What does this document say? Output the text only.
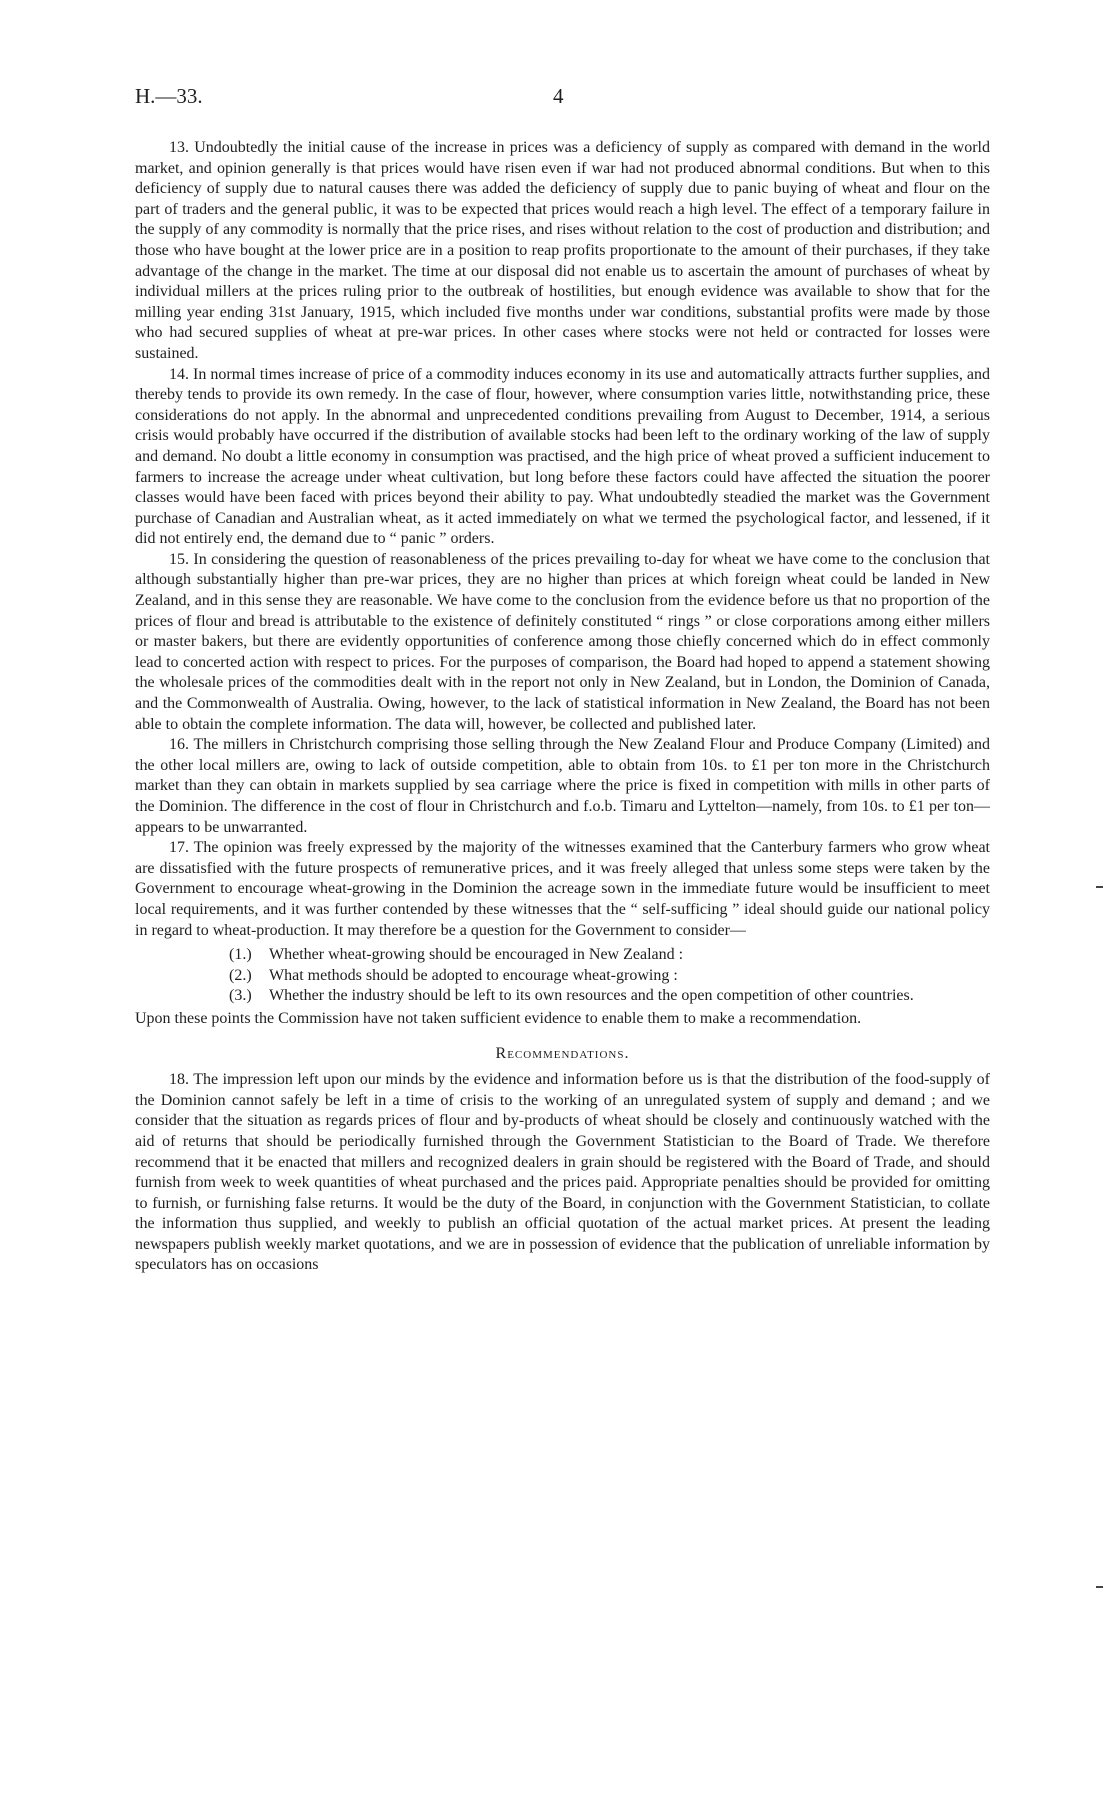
H.—33.	4

13. Undoubtedly the initial cause of the increase in prices was a deficiency of supply as compared with demand in the world market, and opinion generally is that prices would have risen even if war had not produced abnormal conditions. But when to this deficiency of supply due to natural causes there was added the deficiency of supply due to panic buying of wheat and flour on the part of traders and the general public, it was to be expected that prices would reach a high level. The effect of a temporary failure in the supply of any commodity is normally that the price rises, and rises without relation to the cost of production and distribution; and those who have bought at the lower price are in a position to reap profits proportionate to the amount of their purchases, if they take advantage of the change in the market. The time at our disposal did not enable us to ascertain the amount of purchases of wheat by individual millers at the prices ruling prior to the outbreak of hostilities, but enough evidence was available to show that for the milling year ending 31st January, 1915, which included five months under war conditions, substantial profits were made by those who had secured supplies of wheat at pre-war prices. In other cases where stocks were not held or contracted for losses were sustained.

14. In normal times increase of price of a commodity induces economy in its use and automatically attracts further supplies, and thereby tends to provide its own remedy. In the case of flour, however, where consumption varies little, notwithstanding price, these considerations do not apply. In the abnormal and unprecedented conditions prevailing from August to December, 1914, a serious crisis would probably have occurred if the distribution of available stocks had been left to the ordinary working of the law of supply and demand. No doubt a little economy in consumption was practised, and the high price of wheat proved a sufficient inducement to farmers to increase the acreage under wheat cultivation, but long before these factors could have affected the situation the poorer classes would have been faced with prices beyond their ability to pay. What undoubtedly steadied the market was the Government purchase of Canadian and Australian wheat, as it acted immediately on what we termed the psychological factor, and lessened, if it did not entirely end, the demand due to “ panic ” orders.

15. In considering the question of reasonableness of the prices prevailing to-day for wheat we have come to the conclusion that although substantially higher than pre-war prices, they are no higher than prices at which foreign wheat could be landed in New Zealand, and in this sense they are reasonable. We have come to the conclusion from the evidence before us that no proportion of the prices of flour and bread is attributable to the existence of definitely constituted “ rings ” or close corporations among either millers or master bakers, but there are evidently opportunities of conference among those chiefly concerned which do in effect commonly lead to concerted action with respect to prices. For the purposes of comparison, the Board had hoped to append a statement showing the wholesale prices of the commodities dealt with in the report not only in New Zealand, but in London, the Dominion of Canada, and the Commonwealth of Australia. Owing, however, to the lack of statistical information in New Zealand, the Board has not been able to obtain the complete information. The data will, however, be collected and published later.

16. The millers in Christchurch comprising those selling through the New Zealand Flour and Produce Company (Limited) and the other local millers are, owing to lack of outside competition, able to obtain from 10s. to £1 per ton more in the Christchurch market than they can obtain in markets supplied by sea carriage where the price is fixed in competition with mills in other parts of the Dominion. The difference in the cost of flour in Christchurch and f.o.b. Timaru and Lyttelton—namely, from 10s. to £1 per ton—appears to be unwarranted.

17. The opinion was freely expressed by the majority of the witnesses examined that the Canterbury farmers who grow wheat are dissatisfied with the future prospects of remunerative prices, and it was freely alleged that unless some steps were taken by the Government to encourage wheat-growing in the Dominion the acreage sown in the immediate future would be insufficient to meet local requirements, and it was further contended by these witnesses that the “ self-sufficing ” ideal should guide our national policy in regard to wheat-production. It may therefore be a question for the Government to consider—

(1.) Whether wheat-growing should be encouraged in New Zealand :
(2.) What methods should be adopted to encourage wheat-growing :
(3.) Whether the industry should be left to its own resources and the open competition of other countries.

Upon these points the Commission have not taken sufficient evidence to enable them to make a recommendation.

Recommendations.

18. The impression left upon our minds by the evidence and information before us is that the distribution of the food-supply of the Dominion cannot safely be left in a time of crisis to the working of an unregulated system of supply and demand ; and we consider that the situation as regards prices of flour and by-products of wheat should be closely and continuously watched with the aid of returns that should be periodically furnished through the Government Statistician to the Board of Trade. We therefore recommend that it be enacted that millers and recognized dealers in grain should be registered with the Board of Trade, and should furnish from week to week quantities of wheat purchased and the prices paid. Appropriate penalties should be provided for omitting to furnish, or furnishing false returns. It would be the duty of the Board, in conjunction with the Government Statistician, to collate the information thus supplied, and weekly to publish an official quotation of the actual market prices. At present the leading newspapers publish weekly market quotations, and we are in possession of evidence that the publication of unreliable information by speculators has on occasions
